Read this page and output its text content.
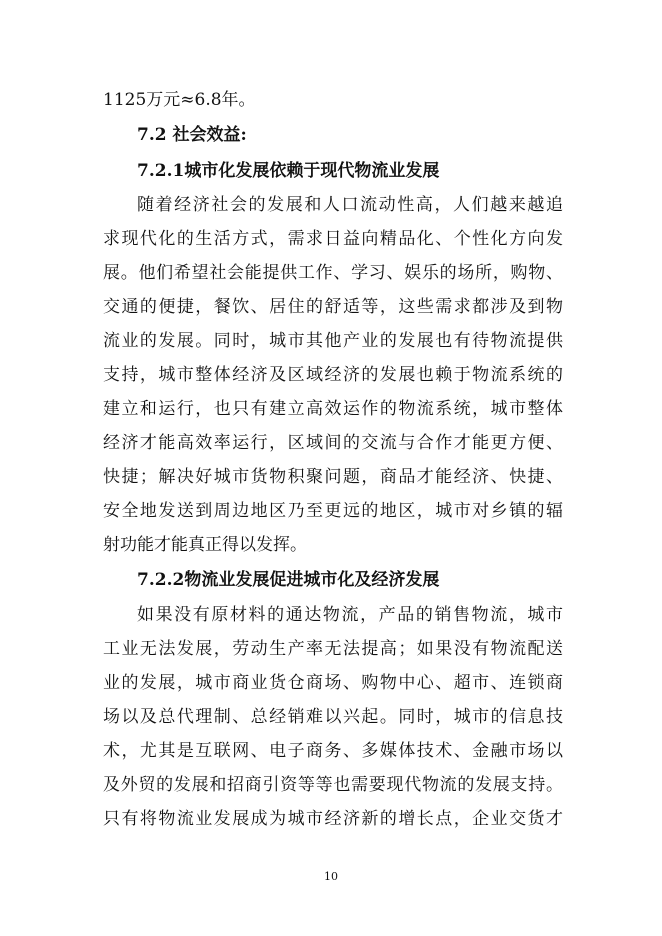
1125万元≈6.8年。
7.2 社会效益:
7.2.1城市化发展依赖于现代物流业发展
随着经济社会的发展和人口流动性高，人们越来越追
求现代化的生活方式，需求日益向精品化、个性化方向发
展。他们希望社会能提供工作、学习、娱乐的场所，购物、
交通的便捷，餐饮、居住的舒适等，这些需求都涉及到物
流业的发展。同时，城市其他产业的发展也有待物流提供
支持，城市整体经济及区域经济的发展也赖于物流系统的
建立和运行，也只有建立高效运作的物流系统，城市整体
经济才能高效率运行，区域间的交流与合作才能更方便、
快捷；解决好城市货物积聚问题，商品才能经济、快捷、
安全地发送到周边地区乃至更远的地区，城市对乡镇的辐
射功能才能真正得以发挥。
7.2.2物流业发展促进城市化及经济发展
如果没有原材料的通达物流，产品的销售物流，城市
工业无法发展，劳动生产率无法提高；如果没有物流配送
业的发展，城市商业货仓商场、购物中心、超市、连锁商
场以及总代理制、总经销难以兴起。同时，城市的信息技
术，尤其是互联网、电子商务、多媒体技术、金融市场以
及外贸的发展和招商引资等等也需要现代物流的发展支持。
只有将物流业发展成为城市经济新的增长点，企业交货才
10
